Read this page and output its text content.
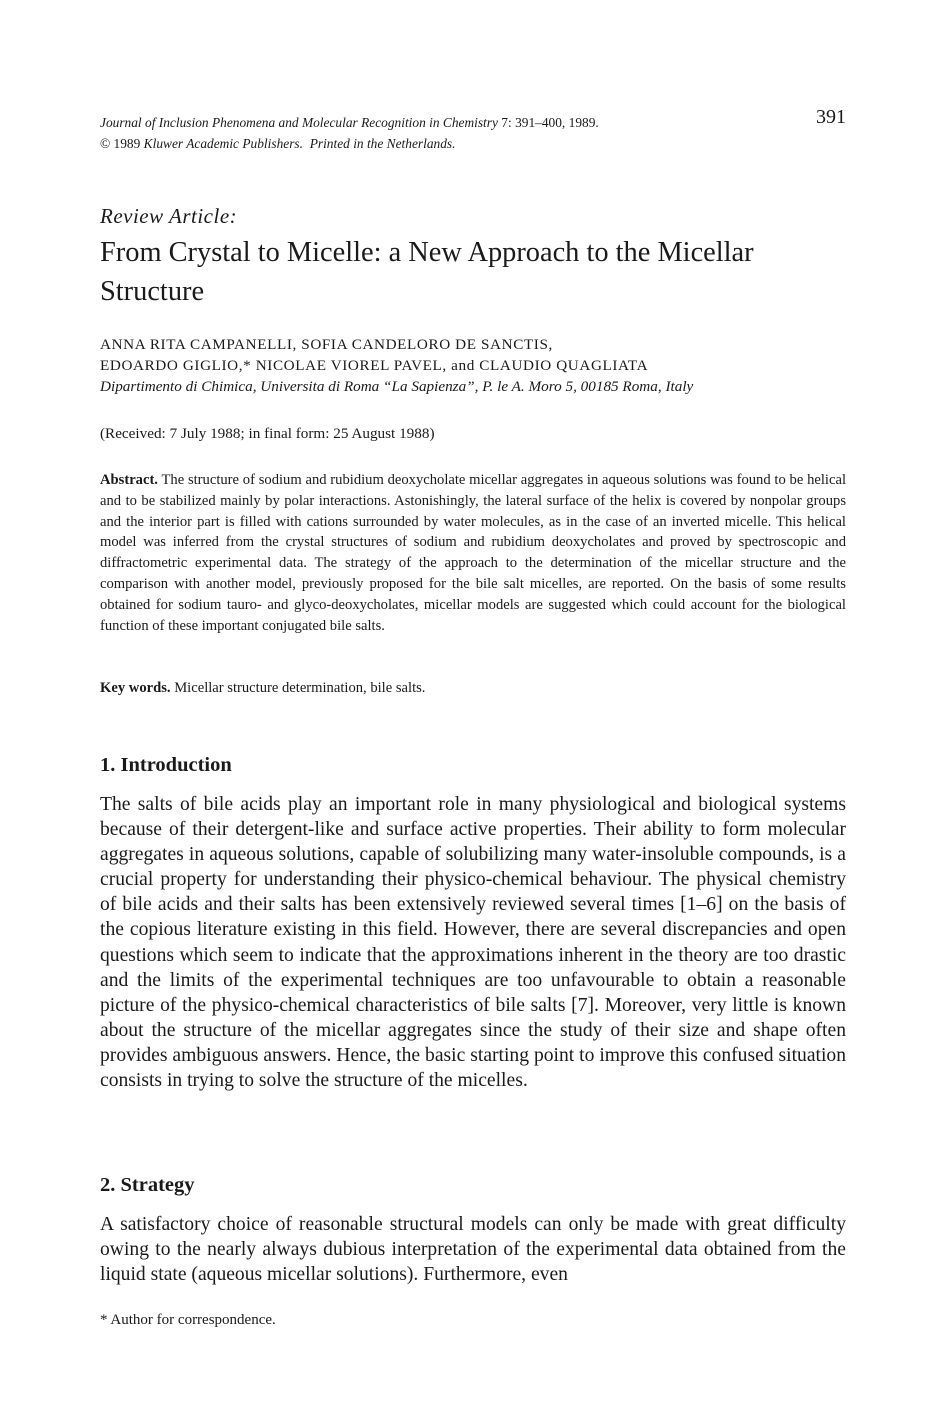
Journal of Inclusion Phenomena and Molecular Recognition in Chemistry 7: 391–400, 1989.
© 1989 Kluwer Academic Publishers. Printed in the Netherlands.
391
Review Article:
From Crystal to Micelle: a New Approach to the Micellar Structure
ANNA RITA CAMPANELLI, SOFIA CANDELORO DE SANCTIS,
EDOARDO GIGLIO,* NICOLAE VIOREL PAVEL, and CLAUDIO QUAGLIATA
Dipartimento di Chimica, Universita di Roma “La Sapienza”, P. le A. Moro 5, 00185 Roma, Italy
(Received: 7 July 1988; in final form: 25 August 1988)

Abstract. The structure of sodium and rubidium deoxycholate micellar aggregates in aqueous solutions was found to be helical and to be stabilized mainly by polar interactions. Astonishingly, the lateral surface of the helix is covered by nonpolar groups and the interior part is filled with cations surrounded by water molecules, as in the case of an inverted micelle. This helical model was inferred from the crystal structures of sodium and rubidium deoxycholates and proved by spectroscopic and diffractometric experimental data. The strategy of the approach to the determination of the micellar structure and the comparison with another model, previously proposed for the bile salt micelles, are reported. On the basis of some results obtained for sodium tauro- and glyco-deoxycholates, micellar models are suggested which could account for the biological function of these important conjugated bile salts.

Key words. Micellar structure determination, bile salts.
1. Introduction

The salts of bile acids play an important role in many physiological and biological systems because of their detergent-like and surface active properties. Their ability to form molecular aggregates in aqueous solutions, capable of solubilizing many water-insoluble compounds, is a crucial property for understanding their physico-chemical behaviour. The physical chemistry of bile acids and their salts has been extensively reviewed several times [1–6] on the basis of the copious literature existing in this field. However, there are several discrepancies and open questions which seem to indicate that the approximations inherent in the theory are too drastic and the limits of the experimental techniques are too unfavourable to obtain a reasonable picture of the physico-chemical characteristics of bile salts [7]. Moreover, very little is known about the structure of the micellar aggregates since the study of their size and shape often provides ambiguous answers. Hence, the basic starting point to improve this confused situation consists in trying to solve the structure of the micelles.

2. Strategy

A satisfactory choice of reasonable structural models can only be made with great difficulty owing to the nearly always dubious interpretation of the experimental data obtained from the liquid state (aqueous micellar solutions). Furthermore, even

* Author for correspondence.
